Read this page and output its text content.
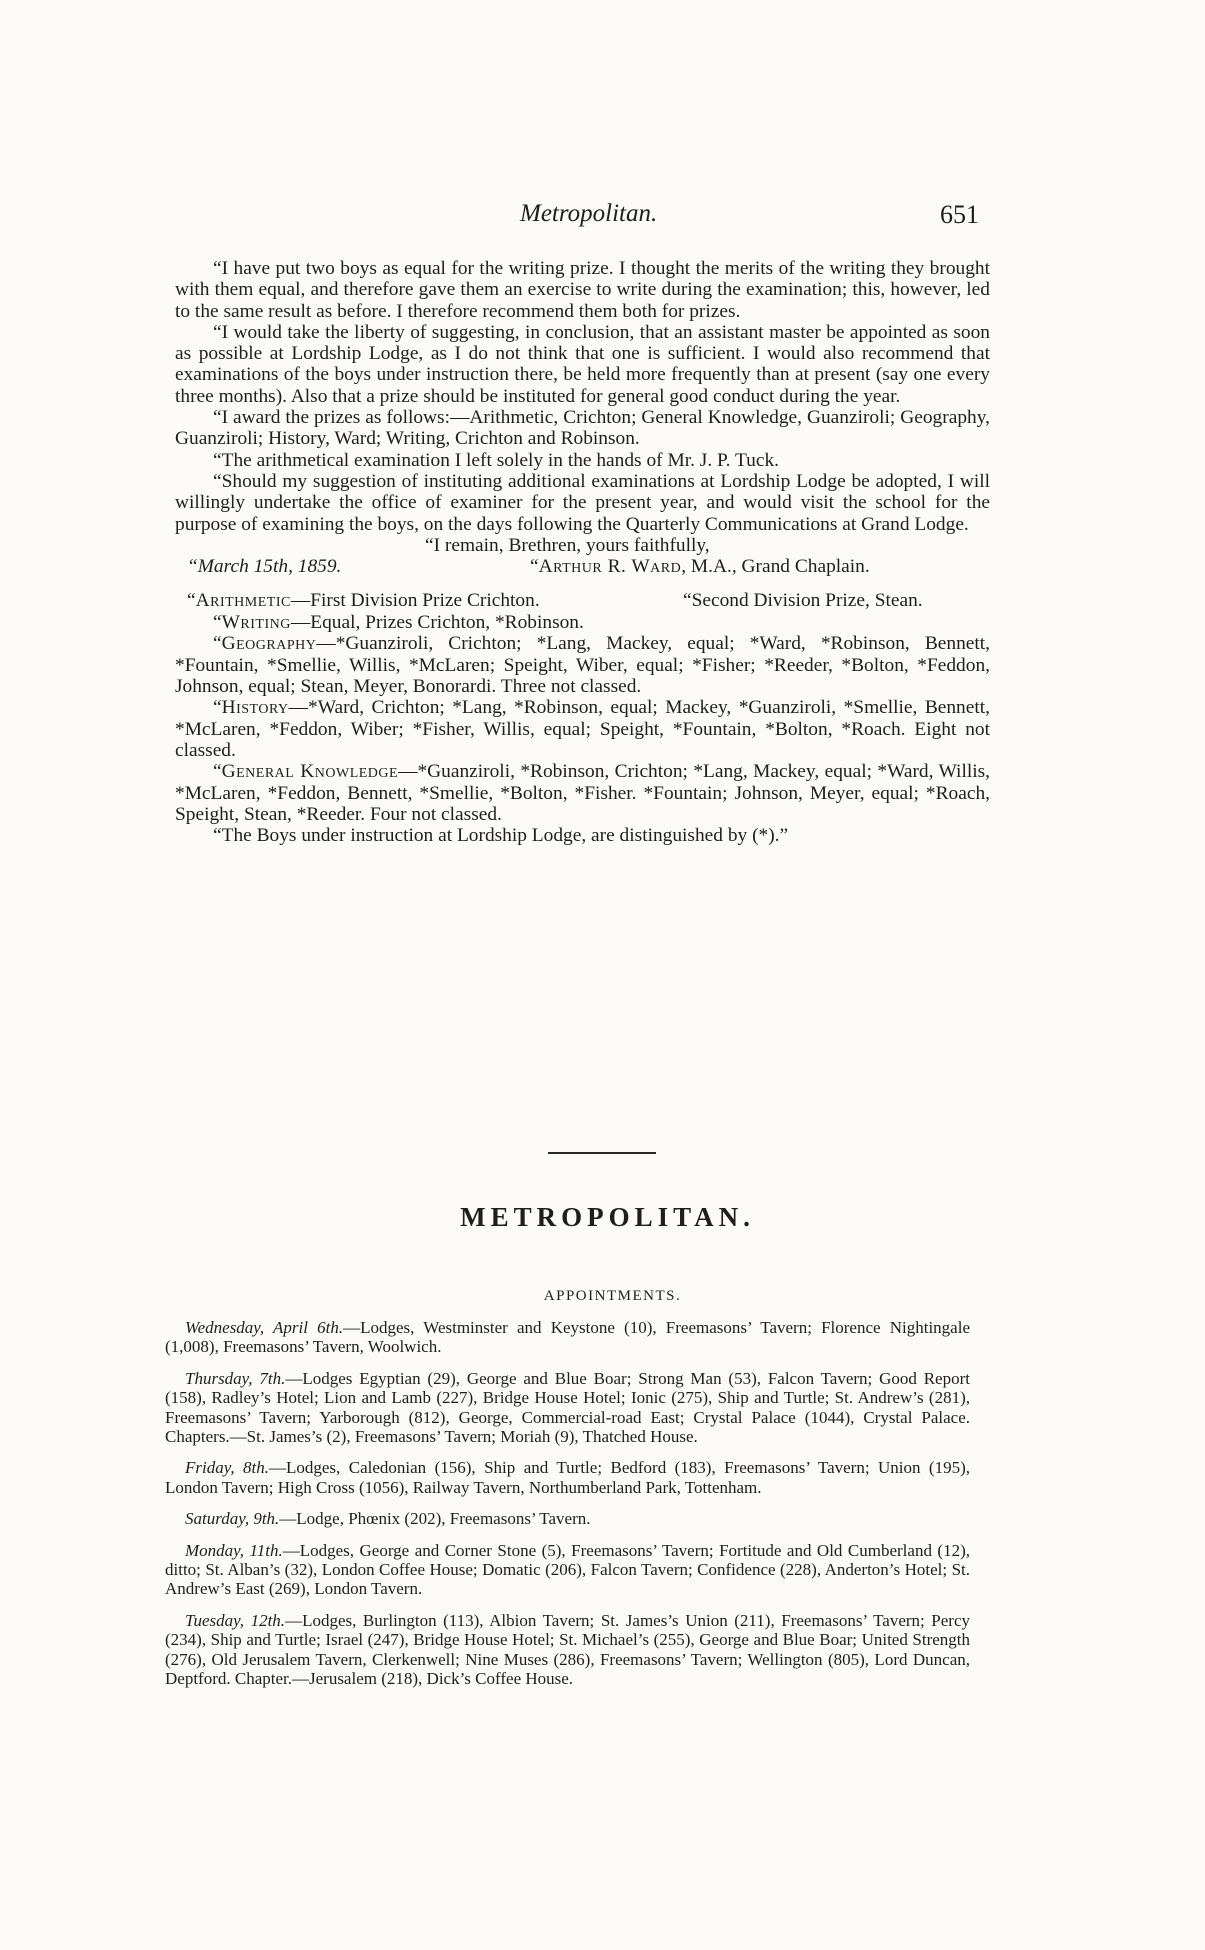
Metropolitan.	651

“I have put two boys as equal for the writing prize. I thought the merits of the writing they brought with them equal, and therefore gave them an exercise to write during the examination; this, however, led to the same result as before. I therefore recommend them both for prizes.

“I would take the liberty of suggesting, in conclusion, that an assistant master be appointed as soon as possible at Lordship Lodge, as I do not think that one is sufficient. I would also recommend that examinations of the boys under instruction there, be held more frequently than at present (say one every three months). Also that a prize should be instituted for general good conduct during the year.

“I award the prizes as follows:—Arithmetic, Crichton; General Knowledge, Guanziroli; Geography, Guanziroli; History, Ward; Writing, Crichton and Robinson.

“The arithmetical examination I left solely in the hands of Mr. J. P. Tuck.

“Should my suggestion of instituting additional examinations at Lordship Lodge be adopted, I will willingly undertake the office of examiner for the present year, and would visit the school for the purpose of examining the boys, on the days following the Quarterly Communications at Grand Lodge.

“I remain, Brethren, yours faithfully,

“March 15th, 1859.	“Arthur R. Ward, M.A., Grand Chaplain.
“Arithmetic—First Division Prize Crichton.	“Second Division Prize, Stean.

“Writing—Equal, Prizes Crichton, *Robinson.

“Geography—*Guanziroli, Crichton; *Lang, Mackey, equal; *Ward, *Robinson, Bennett, *Fountain, *Smellie, Willis, *McLaren; Speight, Wiber, equal; *Fisher; *Reeder, *Bolton, *Feddon, Johnson, equal; Stean, Meyer, Bonorardi. Three not classed.

“History—*Ward, Crichton; *Lang, *Robinson, equal; Mackey, *Guanziroli, *Smellie, Bennett, *McLaren, *Feddon, Wiber; *Fisher, Willis, equal; Speight, *Fountain, *Bolton, *Roach. Eight not classed.

“General Knowledge—*Guanziroli, *Robinson, Crichton; *Lang, Mackey, equal; *Ward, Willis, *McLaren, *Feddon, Bennett, *Smellie, *Bolton, *Fisher. *Fountain; Johnson, Meyer, equal; *Roach, Speight, Stean, *Reeder. Four not classed.

“The Boys under instruction at Lordship Lodge, are distinguished by (*).”

METROPOLITAN.
APPOINTMENTS.

Wednesday, April 6th.—Lodges, Westminster and Keystone (10), Freemasons’ Tavern; Florence Nightingale (1,008), Freemasons’ Tavern, Woolwich.

Thursday, 7th.—Lodges Egyptian (29), George and Blue Boar; Strong Man (53), Falcon Tavern; Good Report (158), Radley’s Hotel; Lion and Lamb (227), Bridge House Hotel; Ionic (275), Ship and Turtle; St. Andrew’s (281), Freemasons’ Tavern; Yarborough (812), George, Commercial-road East; Crystal Palace (1044), Crystal Palace. Chapters.—St. James’s (2), Freemasons’ Tavern; Moriah (9), Thatched House.

Friday, 8th.—Lodges, Caledonian (156), Ship and Turtle; Bedford (183), Freemasons’ Tavern; Union (195), London Tavern; High Cross (1056), Railway Tavern, Northumberland Park, Tottenham.

Saturday, 9th.—Lodge, Phœnix (202), Freemasons’ Tavern.

Monday, 11th.—Lodges, George and Corner Stone (5), Freemasons’ Tavern; Fortitude and Old Cumberland (12), ditto; St. Alban’s (32), London Coffee House; Domatic (206), Falcon Tavern; Confidence (228), Anderton’s Hotel; St. Andrew’s East (269), London Tavern.

Tuesday, 12th.—Lodges, Burlington (113), Albion Tavern; St. James’s Union (211), Freemasons’ Tavern; Percy (234), Ship and Turtle; Israel (247), Bridge House Hotel; St. Michael’s (255), George and Blue Boar; United Strength (276), Old Jerusalem Tavern, Clerkenwell; Nine Muses (286), Freemasons’ Tavern; Wellington (805), Lord Duncan, Deptford. Chapter.—Jerusalem (218), Dick’s Coffee House.
